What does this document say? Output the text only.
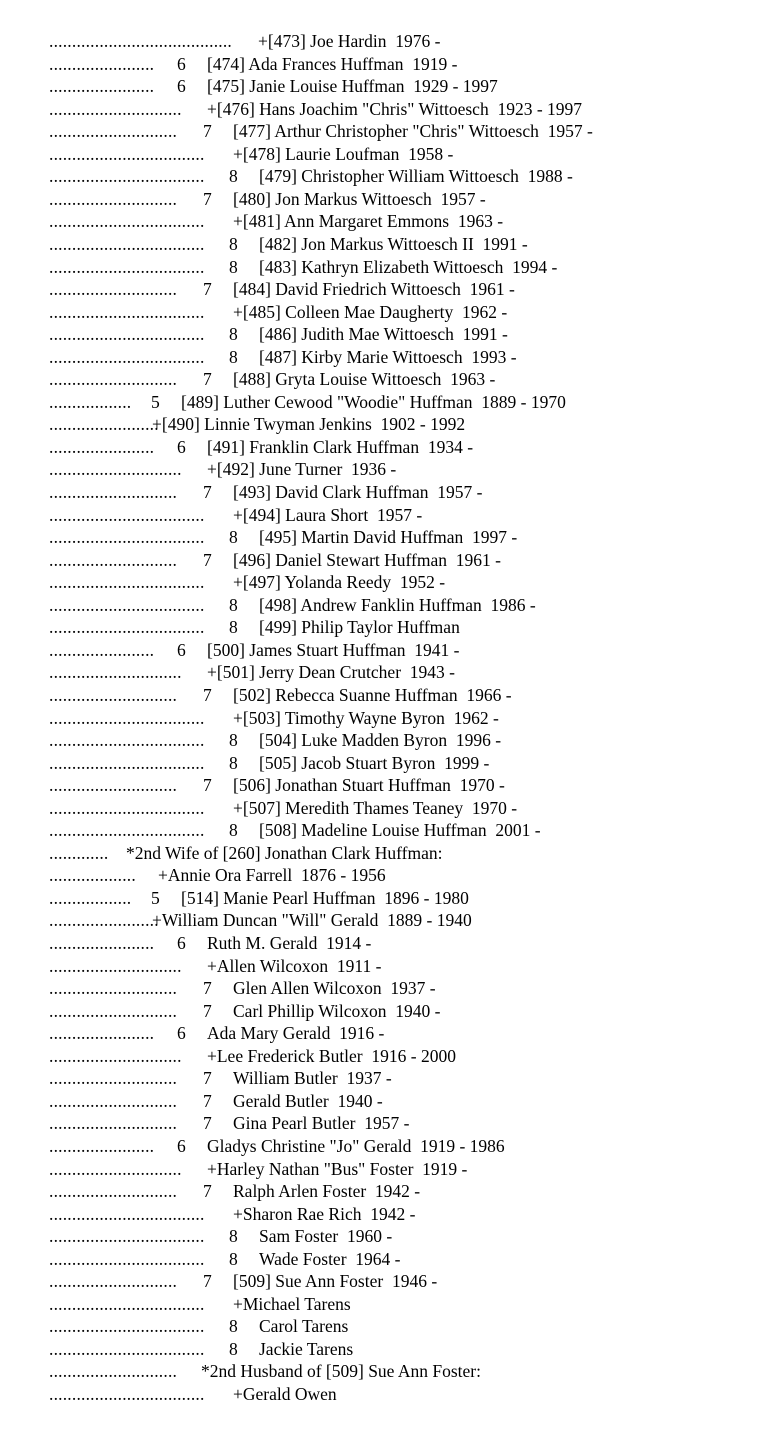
........................................ +[473] Joe Hardin  1976 -
....................... 6 [474] Ada Frances Huffman  1919 -
....................... 6 [475] Janie Louise Huffman  1929 - 1997
............................. +[476] Hans Joachim "Chris" Wittoesch  1923 - 1997
............................ 7 [477] Arthur Christopher "Chris" Wittoesch  1957 -
.................................. +[478] Laurie Loufman  1958 -
.................................. 8 [479] Christopher William Wittoesch  1988 -
............................ 7 [480] Jon Markus Wittoesch  1957 -
.................................. +[481] Ann Margaret Emmons  1963 -
.................................. 8 [482] Jon Markus Wittoesch II  1991 -
.................................. 8 [483] Kathryn Elizabeth Wittoesch  1994 -
............................ 7 [484] David Friedrich Wittoesch  1961 -
.................................. +[485] Colleen Mae Daugherty  1962 -
.................................. 8 [486] Judith Mae Wittoesch  1991 -
.................................. 8 [487] Kirby Marie Wittoesch  1993 -
............................ 7 [488] Gryta Louise Wittoesch  1963 -
.................. 5 [489] Luther Cewood "Woodie" Huffman  1889 - 1970
........................
+[490] Linnie Twyman Jenkins  1902 - 1992
....................... 6 [491] Franklin Clark Huffman  1934 -
............................. +[492] June Turner  1936 -
............................ 7 [493] David Clark Huffman  1957 -
.................................. +[494] Laura Short  1957 -
.................................. 8 [495] Martin David Huffman  1997 -
............................ 7 [496] Daniel Stewart Huffman  1961 -
.................................. +[497] Yolanda Reedy  1952 -
.................................. 8 [498] Andrew Fanklin Huffman  1986 -
.................................. 8 [499] Philip Taylor Huffman
....................... 6 [500] James Stuart Huffman  1941 -
............................. +[501] Jerry Dean Crutcher  1943 -
............................ 7 [502] Rebecca Suanne Huffman  1966 -
.................................. +[503] Timothy Wayne Byron  1962 -
.................................. 8 [504] Luke Madden Byron  1996 -
.................................. 8 [505] Jacob Stuart Byron  1999 -
............................ 7 [506] Jonathan Stuart Huffman  1970 -
.................................. +[507] Meredith Thames Teaney  1970 -
.................................. 8 [508] Madeline Louise Huffman  2001 -
............. *2nd Wife of [260] Jonathan Clark Huffman:
................... +Annie Ora Farrell  1876 - 1956
.................. 5 [514] Manie Pearl Huffman  1896 - 1980
........................
+William Duncan "Will" Gerald  1889 - 1940
....................... 6 Ruth M. Gerald  1914 -
............................. +Allen Wilcoxon  1911 -
............................ 7 Glen Allen Wilcoxon  1937 -
............................ 7 Carl Phillip Wilcoxon  1940 -
....................... 6 Ada Mary Gerald  1916 -
............................. +Lee Frederick Butler  1916 - 2000
............................ 7 William Butler  1937 -
............................ 7 Gerald Butler  1940 -
............................ 7 Gina Pearl Butler  1957 -
....................... 6 Gladys Christine "Jo" Gerald  1919 - 1986
............................. +Harley Nathan "Bus" Foster  1919 -
............................ 7 Ralph Arlen Foster  1942 -
.................................. +Sharon Rae Rich  1942 -
.................................. 8 Sam Foster  1960 -
.................................. 8 Wade Foster  1964 -
............................ 7 [509] Sue Ann Foster  1946 -
.................................. +Michael Tarens
.................................. 8 Carol Tarens
.................................. 8 Jackie Tarens
............................ *2nd Husband of [509] Sue Ann Foster:
.................................. +Gerald Owen
